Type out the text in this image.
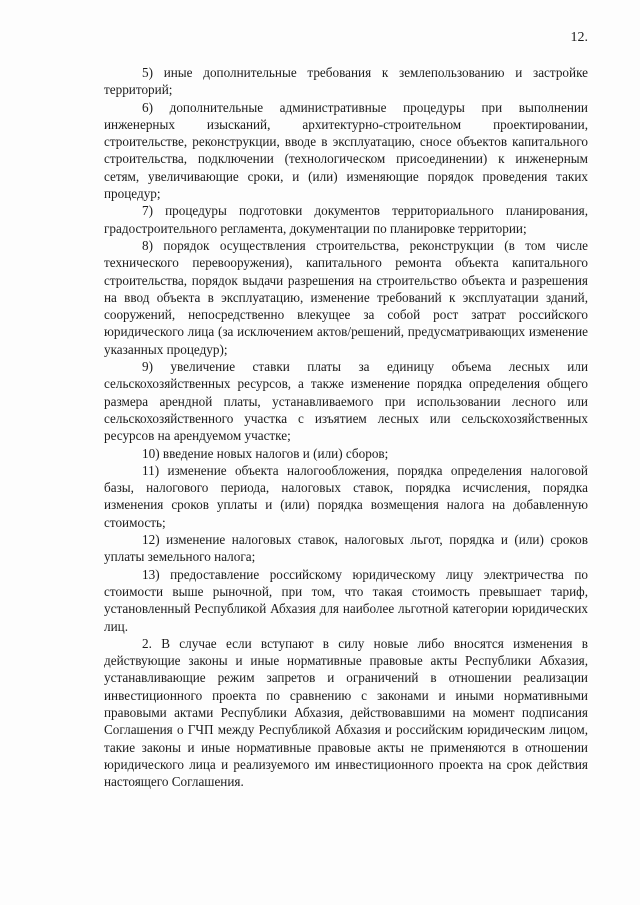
12.

5) иные дополнительные требования к землепользованию и застройке территорий;

6) дополнительные административные процедуры при выполнении инженерных изысканий, архитектурно-строительном проектировании, строительстве, реконструкции, вводе в эксплуатацию, сносе объектов капитального строительства, подключении (технологическом присоединении) к инженерным сетям, увеличивающие сроки, и (или) изменяющие порядок проведения таких процедур;

7) процедуры подготовки документов территориального планирования, градостроительного регламента, документации по планировке территории;

8) порядок осуществления строительства, реконструкции (в том числе технического перевооружения), капитального ремонта объекта капитального строительства, порядок выдачи разрешения на строительство объекта и разрешения на ввод объекта в эксплуатацию, изменение требований к эксплуатации зданий, сооружений, непосредственно влекущее за собой рост затрат российского юридического лица (за исключением актов/решений, предусматривающих изменение указанных процедур);

9) увеличение ставки платы за единицу объема лесных или сельскохозяйственных ресурсов, а также изменение порядка определения общего размера арендной платы, устанавливаемого при использовании лесного или сельскохозяйственного участка с изъятием лесных или сельскохозяйственных ресурсов на арендуемом участке;

10) введение новых налогов и (или) сборов;

11) изменение объекта налогообложения, порядка определения налоговой базы, налогового периода, налоговых ставок, порядка исчисления, порядка изменения сроков уплаты и (или) порядка возмещения налога на добавленную стоимость;

12) изменение налоговых ставок, налоговых льгот, порядка и (или) сроков уплаты земельного налога;

13) предоставление российскому юридическому лицу электричества по стоимости выше рыночной, при том, что такая стоимость превышает тариф, установленный Республикой Абхазия для наиболее льготной категории юридических лиц.

2. В случае если вступают в силу новые либо вносятся изменения в действующие законы и иные нормативные правовые акты Республики Абхазия, устанавливающие режим запретов и ограничений в отношении реализации инвестиционного проекта по сравнению с законами и иными нормативными правовыми актами Республики Абхазия, действовавшими на момент подписания Соглашения о ГЧП между Республикой Абхазия и российским юридическим лицом, такие законы и иные нормативные правовые акты не применяются в отношении юридического лица и реализуемого им инвестиционного проекта на срок действия настоящего Соглашения.
